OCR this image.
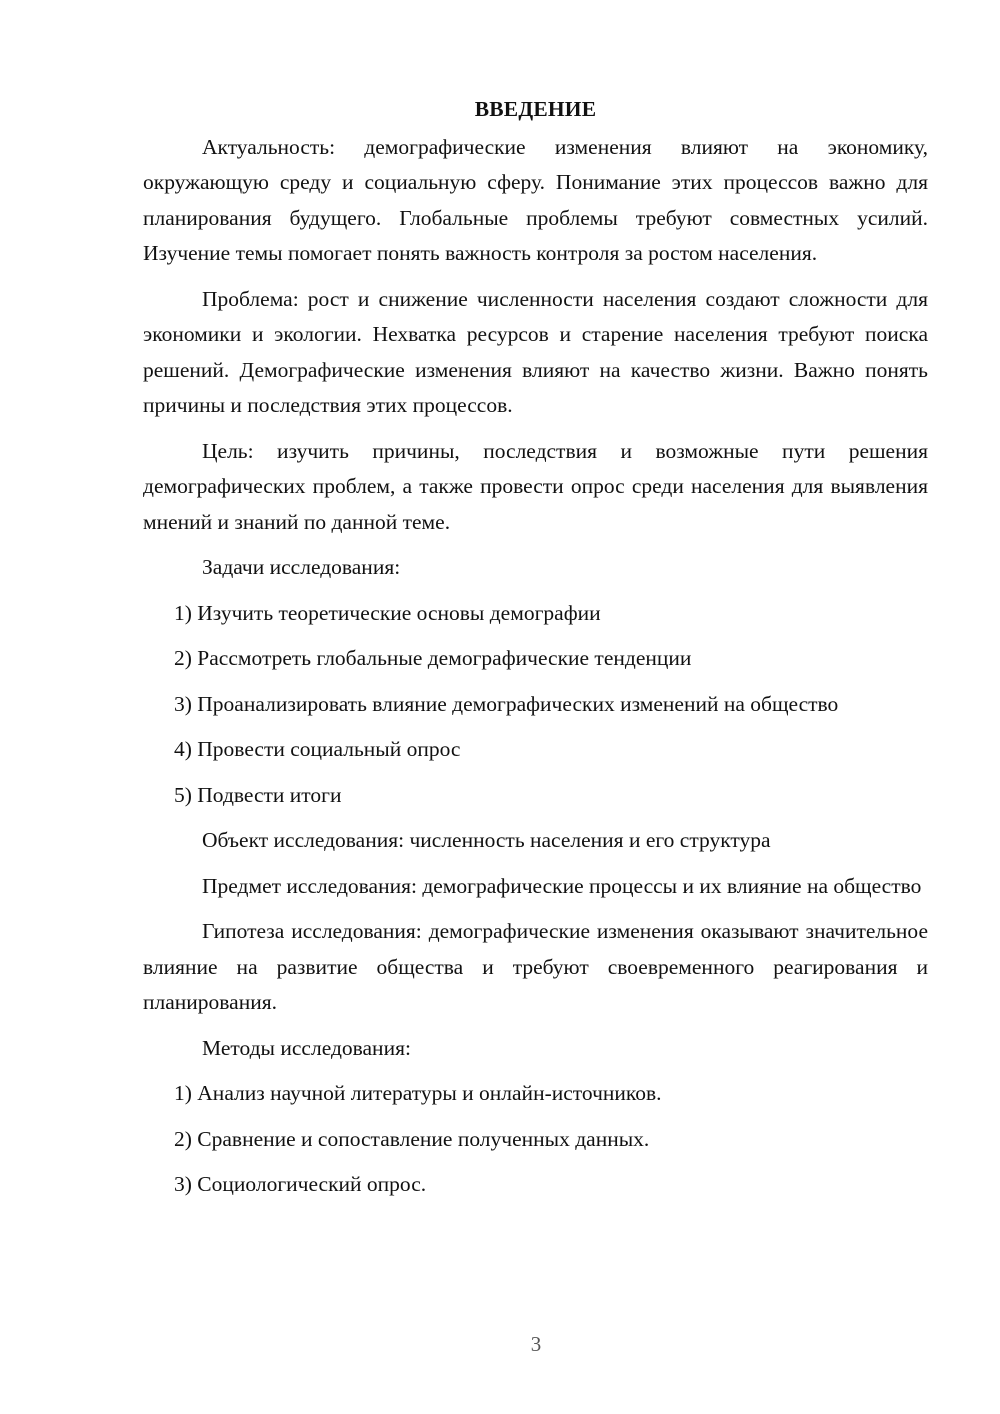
ВВЕДЕНИЕ

Актуальность: демографические изменения влияют на экономику, окружающую среду и социальную сферу. Понимание этих процессов важно для планирования будущего. Глобальные проблемы требуют совместных усилий. Изучение темы помогает понять важность контроля за ростом населения.

Проблема: рост и снижение численности населения создают сложности для экономики и экологии. Нехватка ресурсов и старение населения требуют поиска решений. Демографические изменения влияют на качество жизни. Важно понять причины и последствия этих процессов.

Цель: изучить причины, последствия и возможные пути решения демографических проблем, а также провести опрос среди населения для выявления мнений и знаний по данной теме.

Задачи исследования:

1) Изучить теоретические основы демографии

2) Рассмотреть глобальные демографические тенденции

3) Проанализировать влияние демографических изменений на общество

4) Провести социальный опрос

5) Подвести итоги

Объект исследования: численность населения и его структура

Предмет исследования: демографические процессы и их влияние на общество

Гипотеза исследования: демографические изменения оказывают значительное влияние на развитие общества и требуют своевременного реагирования и планирования.

Методы исследования:

1) Анализ научной литературы и онлайн-источников.

2) Сравнение и сопоставление полученных данных.

3) Социологический опрос.

3
